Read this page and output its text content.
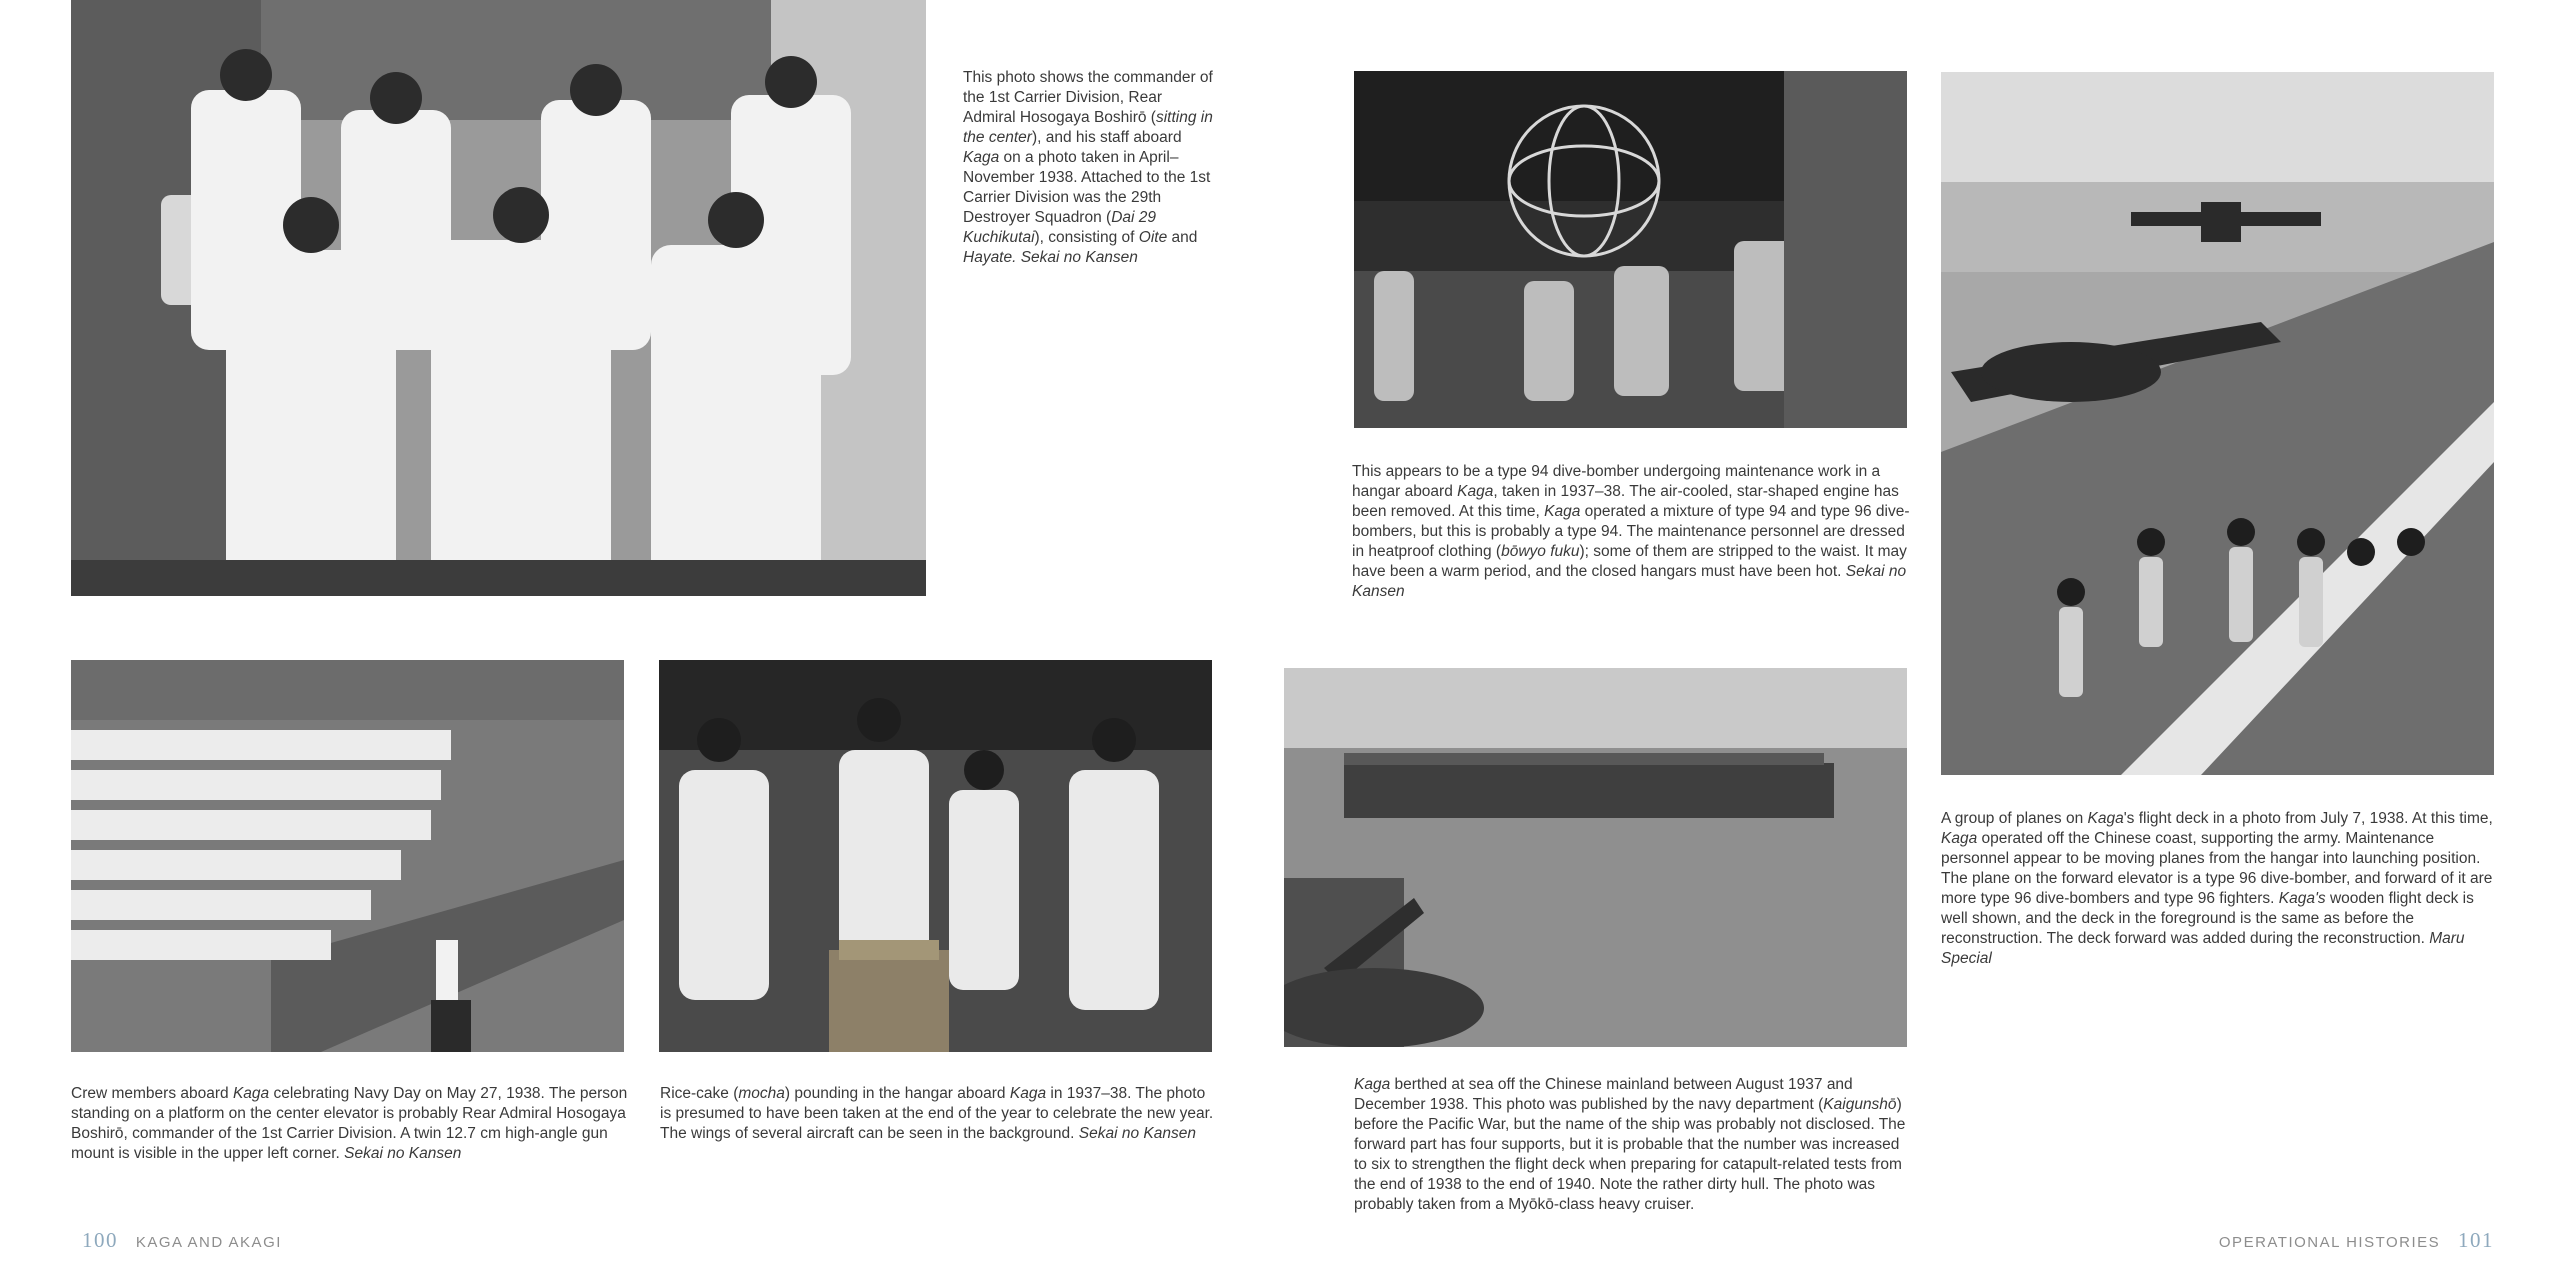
This photo shows the commander of the 1st Carrier Division, Rear Admiral Hosogaya Boshirō (sitting in the center), and his staff aboard Kaga on a photo taken in April–November 1938. Attached to the 1st Carrier Division was the 29th Destroyer Squadron (Dai 29 Kuchikutai), consisting of Oite and Hayate. Sekai no Kansen
This appears to be a type 94 dive-bomber undergoing maintenance work in a hangar aboard Kaga, taken in 1937–38. The air-cooled, star-shaped engine has been removed. At this time, Kaga operated a mixture of type 94 and type 96 dive-bombers, but this is probably a type 94. The maintenance personnel are dressed in heatproof clothing (bōwyo fuku); some of them are stripped to the waist. It may have been a warm period, and the closed hangars must have been hot. Sekai no Kansen
A group of planes on Kaga's flight deck in a photo from July 7, 1938. At this time, Kaga operated off the Chinese coast, supporting the army. Maintenance personnel appear to be moving planes from the hangar into launching position. The plane on the forward elevator is a type 96 dive-bomber, and forward of it are more type 96 dive-bombers and type 96 fighters. Kaga's wooden flight deck is well shown, and the deck in the foreground is the same as before the reconstruction. The deck forward was added during the reconstruction. Maru Special
Crew members aboard Kaga celebrating Navy Day on May 27, 1938. The person standing on a platform on the center elevator is probably Rear Admiral Hosogaya Boshirō, commander of the 1st Carrier Division. A twin 12.7 cm high-angle gun mount is visible in the upper left corner. Sekai no Kansen
Rice-cake (mocha) pounding in the hangar aboard Kaga in 1937–38. The photo is presumed to have been taken at the end of the year to celebrate the new year. The wings of several aircraft can be seen in the background. Sekai no Kansen
Kaga berthed at sea off the Chinese mainland between August 1937 and December 1938. This photo was published by the navy department (Kaigunshō) before the Pacific War, but the name of the ship was probably not disclosed. The forward part has four supports, but it is probable that the number was increased to six to strengthen the flight deck when preparing for catapult-related tests from the end of 1938 to the end of 1940. Note the rather dirty hull. The photo was probably taken from a Myōkō-class heavy cruiser.
100 KAGA AND AKAGI	OPERATIONAL HISTORIES 101
